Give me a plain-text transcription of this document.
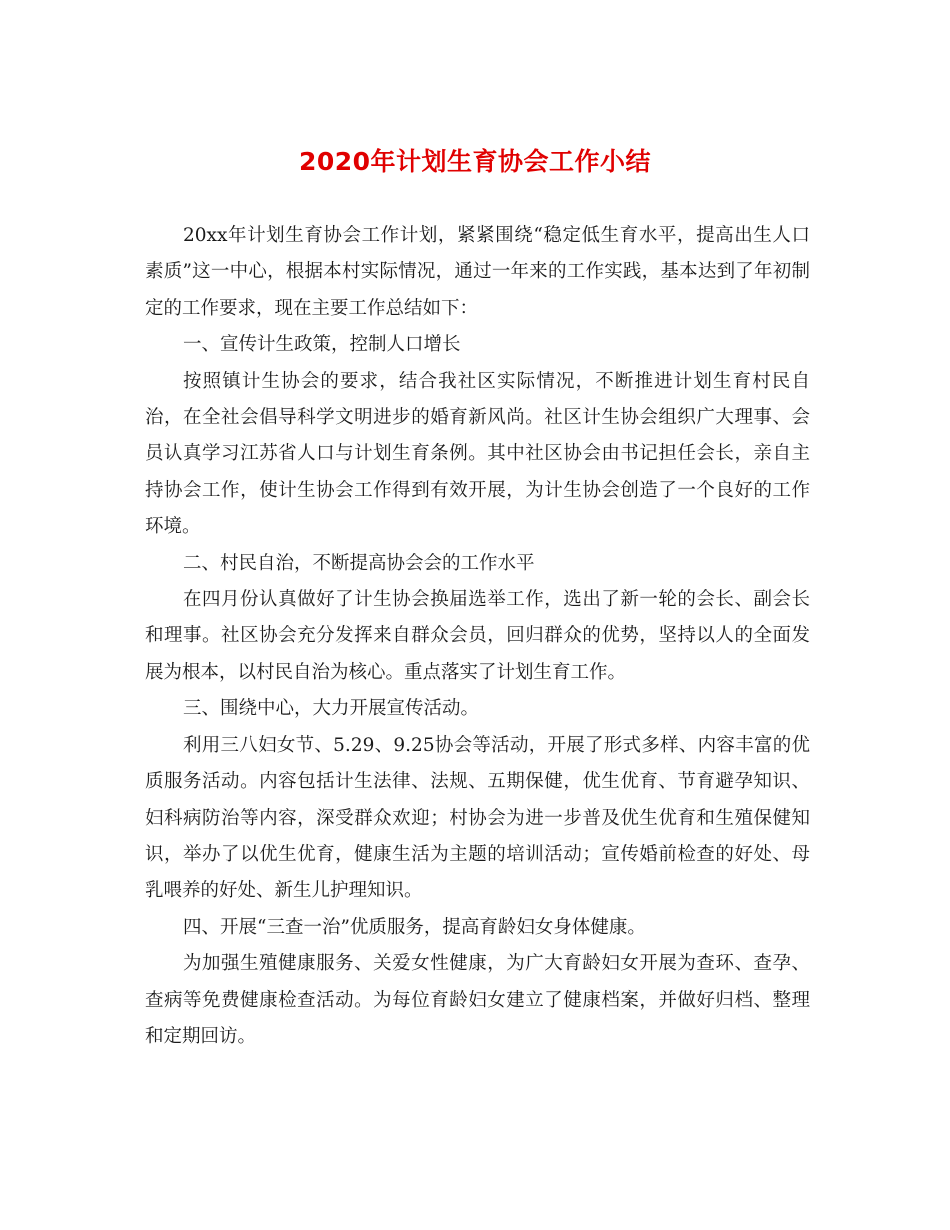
2020年计划生育协会工作小结

20xx年计划生育协会工作计划，紧紧围绕“稳定低生育水平，提高出生人口素质”这一中心，根据本村实际情况，通过一年来的工作实践，基本达到了年初制定的工作要求，现在主要工作总结如下：

一、宣传计生政策，控制人口增长

按照镇计生协会的要求，结合我社区实际情况，不断推进计划生育村民自治，在全社会倡导科学文明进步的婚育新风尚。社区计生协会组织广大理事、会员认真学习江苏省人口与计划生育条例。其中社区协会由书记担任会长，亲自主持协会工作，使计生协会工作得到有效开展，为计生协会创造了一个良好的工作环境。

二、村民自治，不断提高协会会的工作水平

在四月份认真做好了计生协会换届选举工作，选出了新一轮的会长、副会长和理事。社区协会充分发挥来自群众会员，回归群众的优势，坚持以人的全面发展为根本，以村民自治为核心。重点落实了计划生育工作。

三、围绕中心，大力开展宣传活动。

利用三八妇女节、5.29、9.25协会等活动，开展了形式多样、内容丰富的优质服务活动。内容包括计生法律、法规、五期保健，优生优育、节育避孕知识、妇科病防治等内容，深受群众欢迎；村协会为进一步普及优生优育和生殖保健知识，举办了以优生优育，健康生活为主题的培训活动；宣传婚前检查的好处、母乳喂养的好处、新生儿护理知识。

四、开展“三查一治”优质服务，提高育龄妇女身体健康。

为加强生殖健康服务、关爱女性健康，为广大育龄妇女开展为查环、查孕、查病等免费健康检查活动。为每位育龄妇女建立了健康档案，并做好归档、整理和定期回访。
